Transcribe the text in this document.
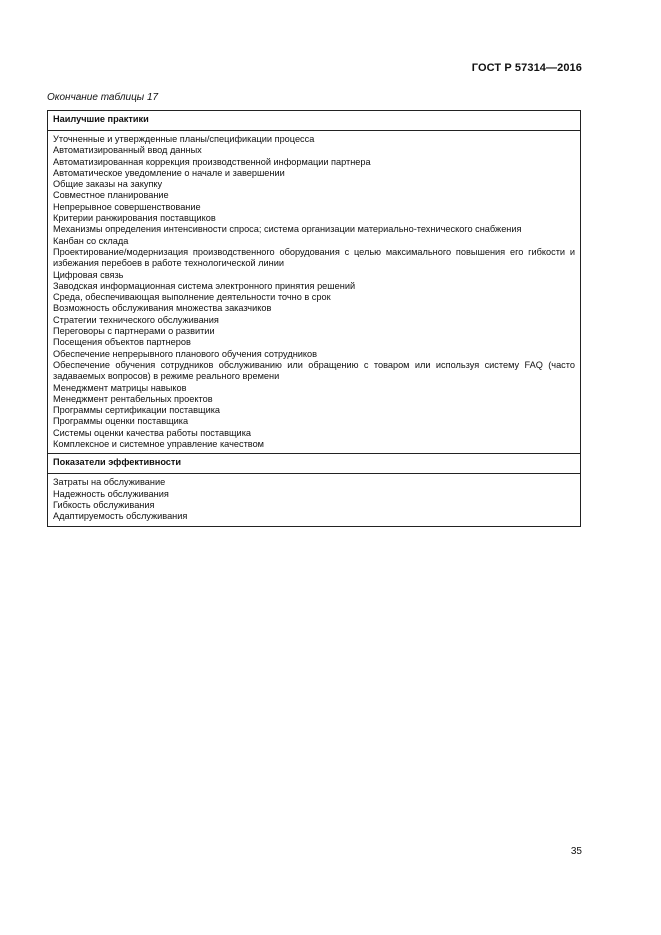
ГОСТ Р 57314—2016
Окончание таблицы 17
Наилучшие практики

Уточненные и утвержденные планы/спецификации процесса
Автоматизированный ввод данных
Автоматизированная коррекция производственной информации партнера
Автоматическое уведомление о начале и завершении
Общие заказы на закупку
Совместное планирование
Непрерывное совершенствование
Критерии ранжирования поставщиков
Механизмы определения интенсивности спроса; система организации материально-технического снабжения
Канбан со склада
Проектирование/модернизация производственного оборудования с целью максимального повышения его гибкости и избежания перебоев в работе технологической линии
Цифровая связь
Заводская информационная система электронного принятия решений
Среда, обеспечивающая выполнение деятельности точно в срок
Возможность обслуживания множества заказчиков
Стратегии технического обслуживания
Переговоры с партнерами о развитии
Посещения объектов партнеров
Обеспечение непрерывного планового обучения сотрудников
Обеспечение обучения сотрудников обслуживанию или обращению с товаром или используя систему FAQ (часто задаваемых вопросов) в режиме реального времени
Менеджмент матрицы навыков
Менеджмент рентабельных проектов
Программы сертификации поставщика
Программы оценки поставщика
Системы оценки качества работы поставщика
Комплексное и системное управление качеством

Показатели эффективности

Затраты на обслуживание
Надежность обслуживания
Гибкость обслуживания
Адаптируемость обслуживания
35
